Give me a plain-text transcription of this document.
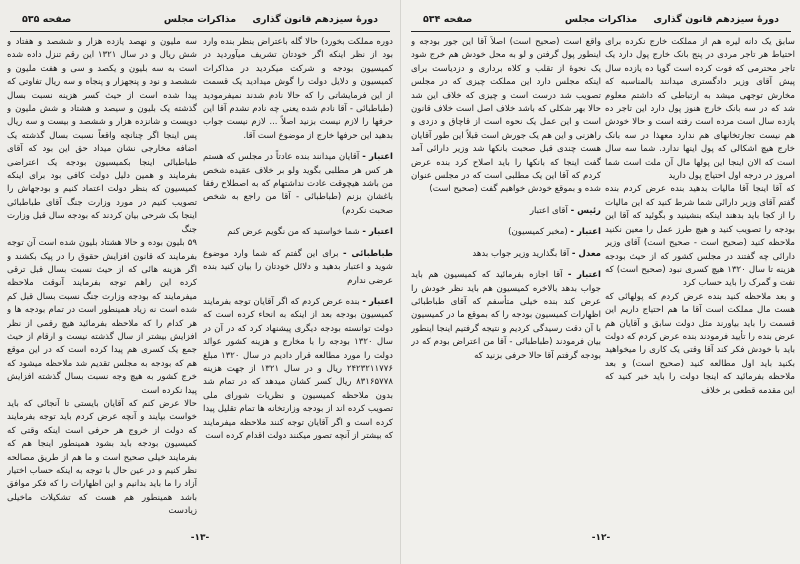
دورهٔ سیزدهم قانون گذاری
مذاکرات مجلس
صفحه ۵۳۵

سه ملیون و نهصد یازده هزار و ششصد و هفتاد و شش ریال و در سال ۱۳۲۱ این رقم تنزل داده شده است به سه بلیون و یکصد و سی و هفت ملیون و ششصد و نود و پنجهزار و پنجاه و سه ریال تفاوتی که پیدا شده است از حیث کسر هزینه نسبت بسال گذشته یک بلیون و سیصد و هشتاد و شش ملیون و دویست و شانزده هزار و ششصد و بیست و سه ریال پس اینجا اگر چنانچه واقعاً نسبت بسال گذشته یک اضافه مخارجی نشان میداد حق این بود که آقای طباطبائی اینجا بکمیسیون بودجه یک اعتراضی بفرمایند و همین دلیل دولت کافی بود برای اینکه کمیسیون که بنظر دولت اعتماد کنیم و بودجهاش را تصویب کنیم در مورد وزارت جنگ آقای طباطبائی اینجا بک شرحی بیان کردند که بودجه سال قبل وزارت جنگ

۵۹ بلیون بوده و حالا هشتاد بلیون شده است آن توجه بفرمایند که قانون افزایش حقوق را در پیک بکشند و اگر هزینه هائی که از حیث نسبت بسال قبل ترقی کرده این راهم توجه بفرمایند آنوقت ملاحظه میفرمایند که بودجه وزارت جنگ نسبت بسال قبل کم شده است نه زیاد همینطور است در تمام بودجه ها و هر کدام را که ملاحظه بفرمائید هیچ رقمی از نظر افزایش بیشتر از سال گذشته نیست و ارقام از حیث جمع یک کسری هم پیدا کرده است که در این موقع هم که بودجه به مجلس تقدیم شد ملاحظه میشود که خرج کشور به هیچ وجه نسبت بسال گذشته افزایش پیدا نکرده است

حالا عرض کنم که آقایان بایستی تا آنجائی که باید خواست بپایند و آنچه عرض کردم باید توجه بفرمایند که دولت از خروج هر حرفی است اینکه وقتی که کمیسیون بودجه باید بشود همینطور اینجا هم که بفرمایند خیلی صحیح است و ما هم از طریق مصالحه نظر کنیم و در عین حال با توجه به اینکه حساب اختیار آزاد را ما باید بدانیم و این اظهارات را که فکر موافق باشد همینطور هم هست که تشکیلات ماخیلی زیادست

دوره مملکت بخورد) حالا گله باعتراض بنظر بنده وارد بود از نظر اینکه اگر خودتان تشریف میآوردید در کمیسیون بودجه و شرکت میکردید در مذاکرات کمیسیون و دلایل دولت را گوش میدادید یک قسمت از این فرمایشاتی را که حالا نادم شدند نمیفرمودید (طباطبائی - آقا نادم شده یعنی چه نادم نشدم آقا این حرفها را لازم نیست بزنید اصلاً ... لازم نیست جواب بدهید این حرفها خارج از موضوع است آقا.

اعتبار - آقایان میدانند بنده عادتاً در مجلس که هستم هر کس هر مطلبی بگوید ولو بر خلاف عقیده شخص من باشد هیچوقت عادت نداشتهام که به اصطلاح رفقا باغشان بزنم (طباطبائی - آقا من راجع به شخص صحبت نکردم)

اعتبار - شما خواستید که من نگویم عرض کنم

طباطبائی - برای این گفتم که شما وارد موضوع شوید و اعتبار بدهید و دلائل خودتان را بیان کنید بنده عرضی ندارم

اعتبار - بنده عرض کردم که اگر آقایان توجه بفرمایند کمیسیون بودجه بعد از اینکه به انحاء کرده است که دولت توانسته بودجه دیگری پیشنهاد کرد که در آن در سال ۱۳۲۰ بودجه را با مخارج و هزینه کشور عوائد دولت را مورد مطالعه قرار دادیم در سال ۱۳۲۰ مبلغ ۲۴۲۳۲۱۱۷۷۶ ریال و در سال ۱۳۲۱ از جهت هزینه ۸۳۱۶۵۷۷۸ ریال کسر کشان میدهد که در تمام شد بدون ملاحظه کمیسیون و نظریات شورای ملی تصویب کرده اند از بودجه وزارتخانه ها تمام تقلیل پیدا کرده است و اگر آقایان توجه کنند ملاحظه میفرمایند که بیشتر از آنچه تصور میکنند دولت اقدام کرده است

-۱۳-
دورهٔ سیزدهم قانون گذاری
مذاکرات مجلس
صفحه ۵۳۴

واقع است (صحیح است) اصلاً آقا این جور بودجه و اینطور پول گرفتن و لو به محل خودش هم خرج شود یک نحوهٔ از تقلب و کلاه برداری و دزدیاست برای اینکه مجلس دارد این مملکت چیزی که در مجلس تصویب شد درست است و چیزی که خلاف این شد حالا بهر شکلی که باشد خلاف اصل است خلاف قانون است و این عمل یک نحوه است از قاچاق و دزدی و راهزنی و این هم یک جورش است قبلاً این طور آقایان هست چندی قبل صحبت بانکها شد وزیر دارائی آمد گفت اینجا که بانکها را باید اصلاح کرد بنده عرض کردم که آقا این یک مطلبی است که در مجلس عنوان شده و بموقع خودش خواهیم گفت (صحیح است)

رئیس - آقای اعتبار

اعتبار - (مخبر کمیسیون)

معدل - آقا بگذارید وزیر جواب بدهد

اعتبار - آقا اجازه بفرمائید که کمیسیون هم باید جواب بدهد بالاخره کمیسیون هم باید نظر خودش را عرض کند بنده خیلی متأسفم که آقای طباطبائی اظهارات کمیسیون بودجه را که بموقع ما در کمیسیون با آن دقت رسیدگی کردیم و نتیجه گرفتیم اینجا اینطور بیان فرمودند (طباطبائی - آقا من اعتراض بودم که در بودجه گرفتم آقا حالا حرفی بزنید که

سابق یک دانه لیره هم از مملکت خارج نکرده برای احتیاط هر تاجر مردی در پنج بانک خارج پول دارد یک تاجر محترمی که فوت کرده است گویا ده یازده سال پیش آقای وزیر دادگستری میدانند بالمناسبه که مخارش توجهی میشد به ارتباطی که داشتم معلوم شد که در سه بانک خارج هنوز پول دارد این تاجر ده یازده سال است مرده است رفته است و حالا خودش هم نیست تجارتخانهای هم ندارد معهذا در سه بانک خارج هیچ اشکالی که پول اینها ندارد. شما سه سال است که الان اینجا این پولها مال آن ملت است شما امروز در درجه اول احتیاج پول دارید

که آقا اینجا آقا مالیات بدهید بنده عرض کردم بنده گفتم آقای وزیر دارائی شما شرط کنید که این مالیات را از کجا باید بدهند اینکه بنشینید و بگوئید که آقا این بودجه را تصویب کنید و هیچ طرز عمل را معین نکنید ملاحظه کنید (صحیح است - صحیح است) آقای وزیر دارائی چه گفتند در مجلس کشور که از حیث بودجه هزینه تا سال ۱۳۲۰ هیچ کسری نبود (صحیح است) که نفت و گمرک را باید حساب کرد

و بعد ملاحظه کنید بنده عرض کردم که پولهائی که هست مال مملکت است آقا ما هم احتیاج داریم این قسمت را باید بیاورند مثل دولت سابق و آقایان هم عرض بنده را تأیید فرمودند بنده عرض کردم که دولت باید با خودش فکر کند آقا وقتی یک کاری را میخواهید بکنید باید اول مطالعه کنید (صحیح است) و بعد ملاحظه بفرمائید که اینجا دولت را باید خبر کنید که این مقدمه قطعی بر خلاف

-۱۲-
